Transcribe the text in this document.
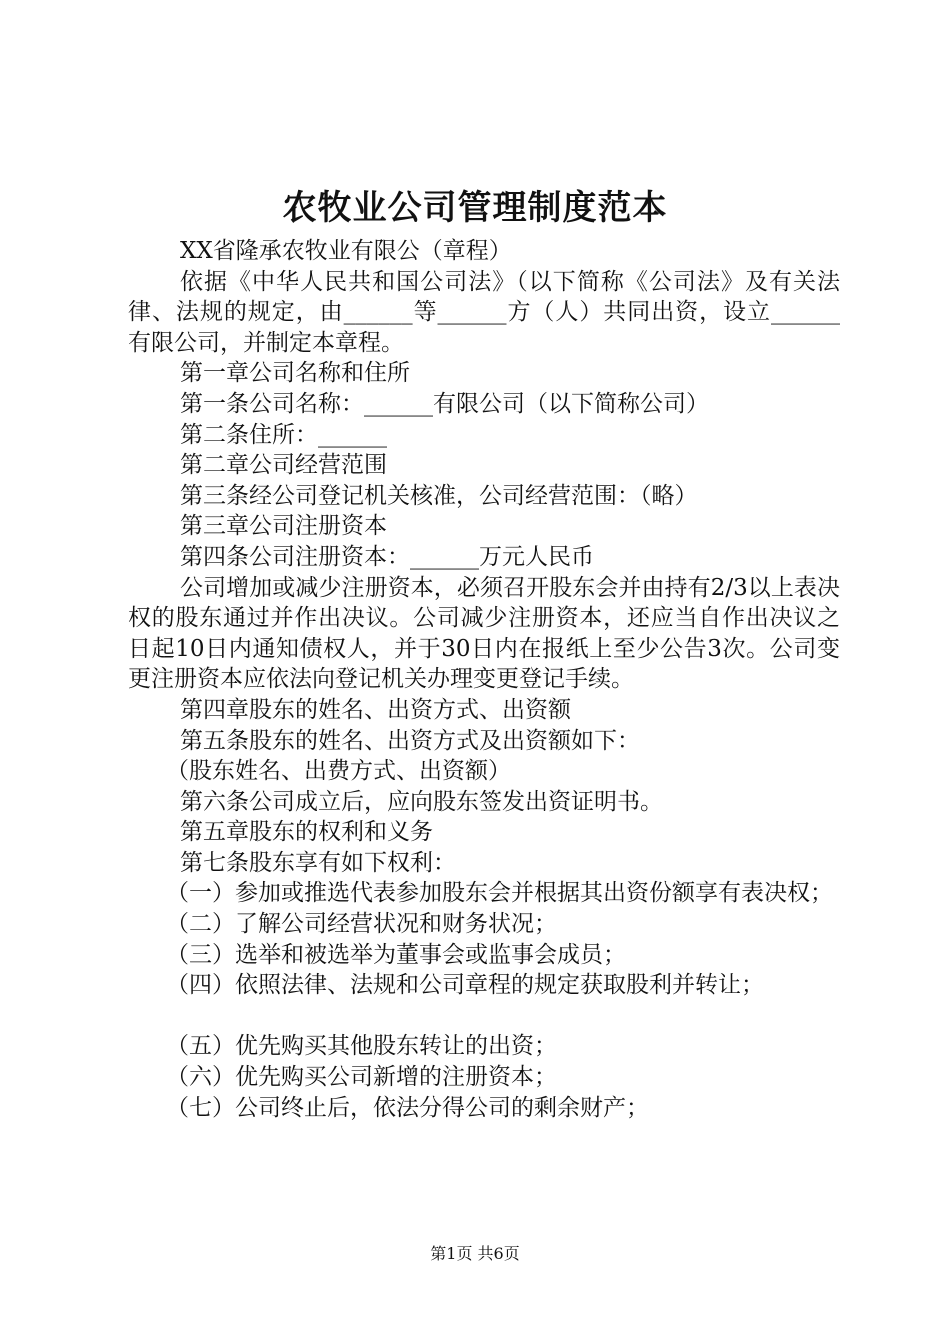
农牧业公司管理制度范本

XX省隆承农牧业有限公（章程）

依据《中华人民共和国公司法》（以下简称《公司法》及有关法律、法规的规定，由______等______方（人）共同出资，设立______有限公司，并制定本章程。

第一章公司名称和住所

第一条公司名称：______有限公司（以下简称公司）

第二条住所：______

第二章公司经营范围

第三条经公司登记机关核准，公司经营范围：（略）

第三章公司注册资本

第四条公司注册资本：______万元人民币

公司增加或减少注册资本，必须召开股东会并由持有2/3以上表决权的股东通过并作出决议。公司减少注册资本，还应当自作出决议之日起10日内通知债权人，并于30日内在报纸上至少公告3次。公司变更注册资本应依法向登记机关办理变更登记手续。

第四章股东的姓名、出资方式、出资额

第五条股东的姓名、出资方式及出资额如下：

（股东姓名、出费方式、出资额）

第六条公司成立后，应向股东签发出资证明书。

第五章股东的权利和义务

第七条股东享有如下权利：

（一）参加或推选代表参加股东会并根据其出资份额享有表决权；

（二）了解公司经营状况和财务状况；

（三）选举和被选举为董事会或监事会成员；

（四）依照法律、法规和公司章程的规定获取股利并转让；

（五）优先购买其他股东转让的出资；

（六）优先购买公司新增的注册资本；

（七）公司终止后，依法分得公司的剩余财产；

第1页 共6页
